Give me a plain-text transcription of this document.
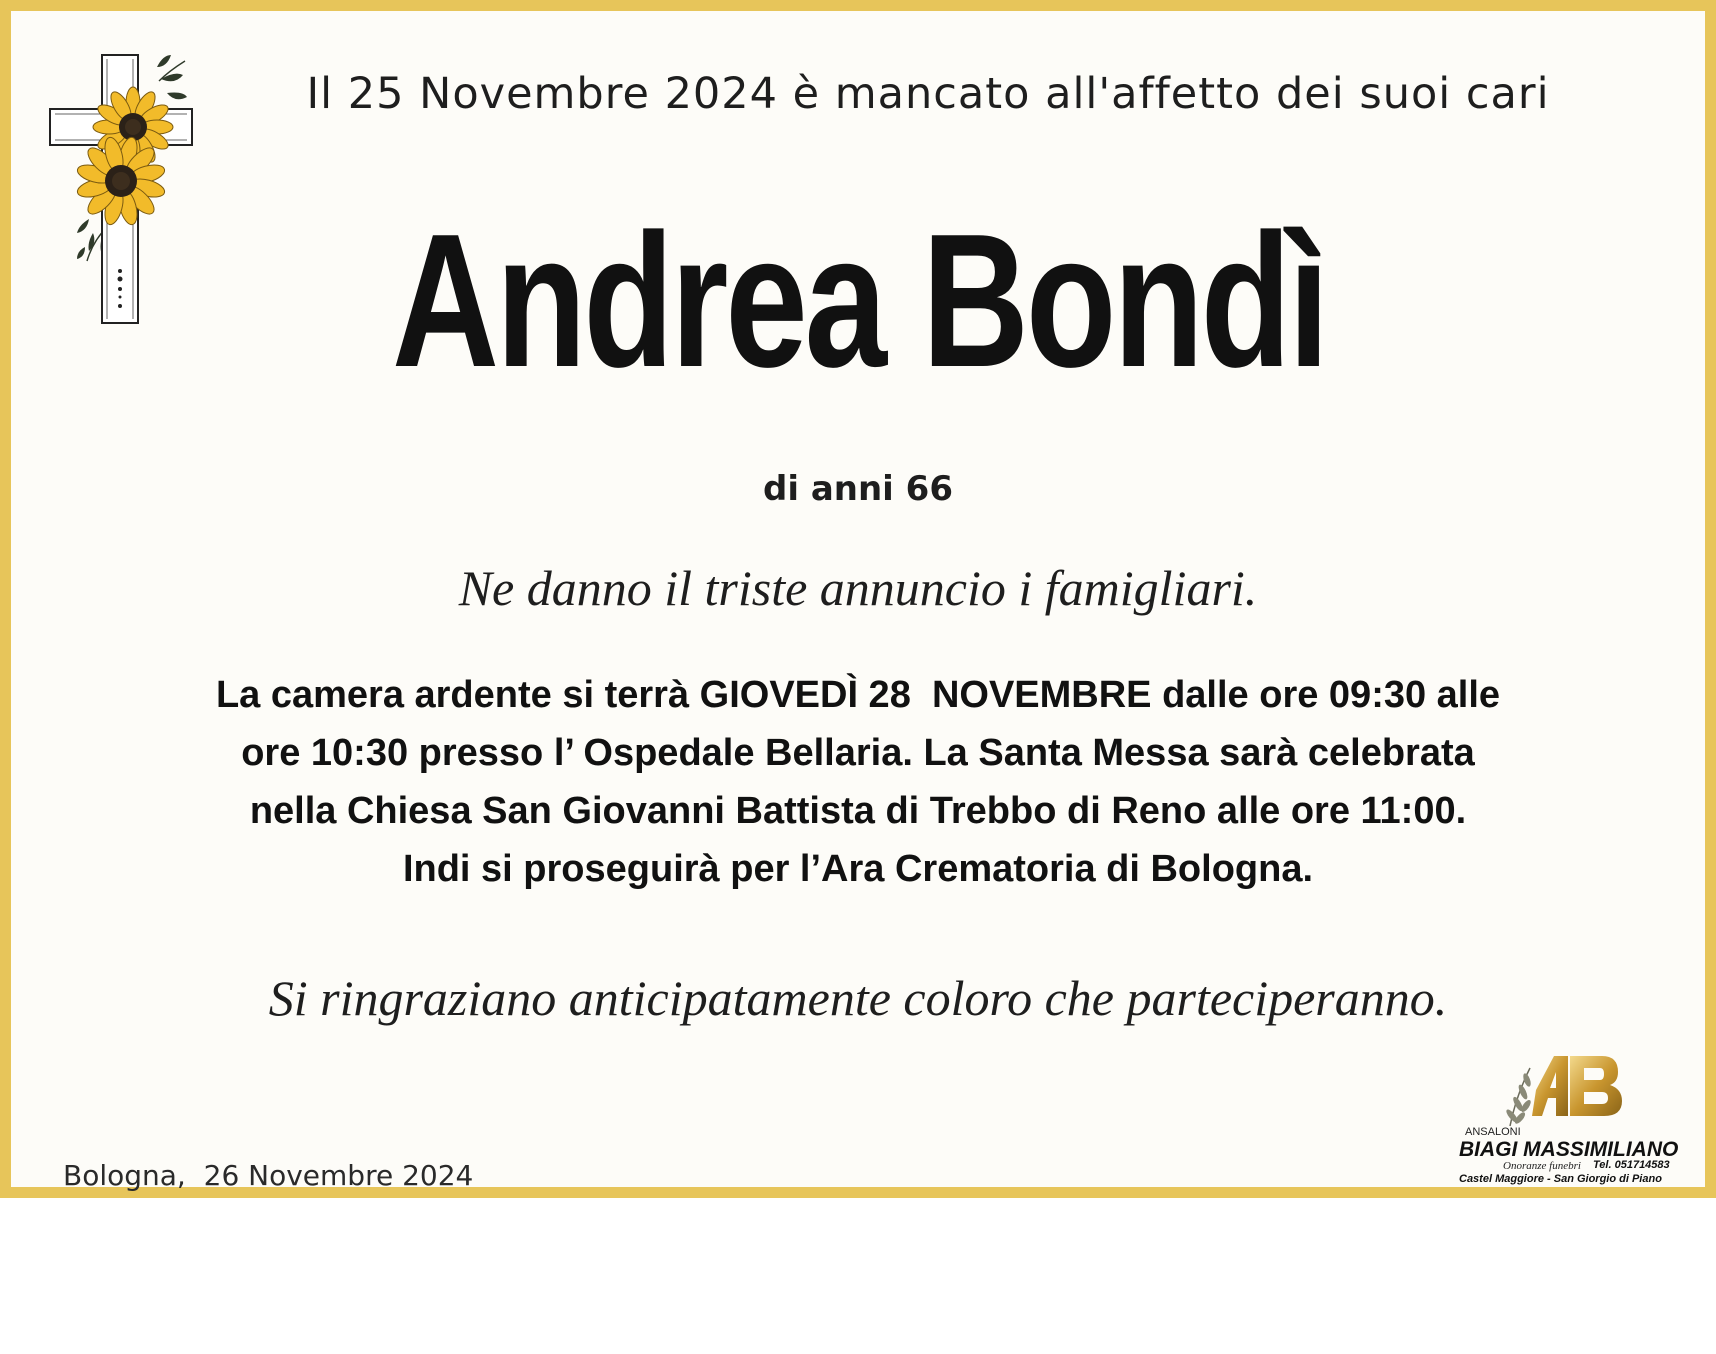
Il 25 Novembre 2024 è mancato all'affetto dei suoi cari
Andrea Bondì
di anni 66
Ne danno il triste annuncio i famigliari.
La camera ardente si terrà GIOVEDÌ 28  NOVEMBRE dalle ore 09:30 alle
ore 10:30 presso l’ Ospedale Bellaria. La Santa Messa sarà celebrata
nella Chiesa San Giovanni Battista di Trebbo di Reno alle ore 11:00.
Indi si proseguirà per l’Ara Crematoria di Bologna.
Si ringraziano anticipatamente coloro che parteciperanno.
Bologna,  26 Novembre 2024
ANSALONI
BIAGI MASSIMILIANO
Onoranze funebri Tel. 051714583
Castel Maggiore - San Giorgio di Piano
